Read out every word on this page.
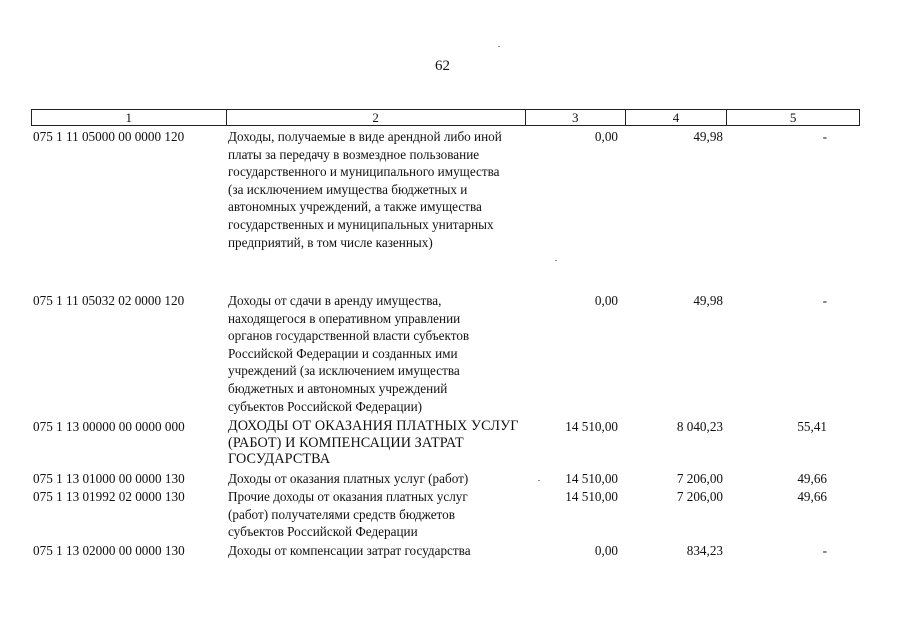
62
1	2	3	4	5
075 1 11 05000 00 0000 120	Доходы, получаемые в виде арендной либо иной
платы за передачу в возмездное пользование
государственного и муниципального имущества
(за исключением имущества бюджетных и
автономных учреждений, а также имущества
государственных и муниципальных унитарных
предприятий, в том числе казенных)
0,00	49,98	-
075 1 11 05032 02 0000 120	Доходы от сдачи в аренду имущества,
находящегося в оперативном управлении
органов государственной власти субъектов
Российской Федерации и созданных ими
учреждений (за исключением имущества
бюджетных и автономных учреждений
субъектов Российской Федерации)
0,00	49,98	-
075 1 13 00000 00 0000 000	ДОХОДЫ ОТ ОКАЗАНИЯ ПЛАТНЫХ УСЛУГ
(РАБОТ) И КОМПЕНСАЦИИ ЗАТРАТ
ГОСУДАРСТВА
14 510,00	8 040,23	55,41
075 1 13 01000 00 0000 130	Доходы от оказания платных услуг (работ)	14 510,00	7 206,00	49,66
075 1 13 01992 02 0000 130	Прочие доходы от оказания платных услуг
(работ) получателями средств бюджетов
субъектов Российской Федерации
14 510,00	7 206,00	49,66
075 1 13 02000 00 0000 130	Доходы от компенсации затрат государства	0,00	834,23	-
